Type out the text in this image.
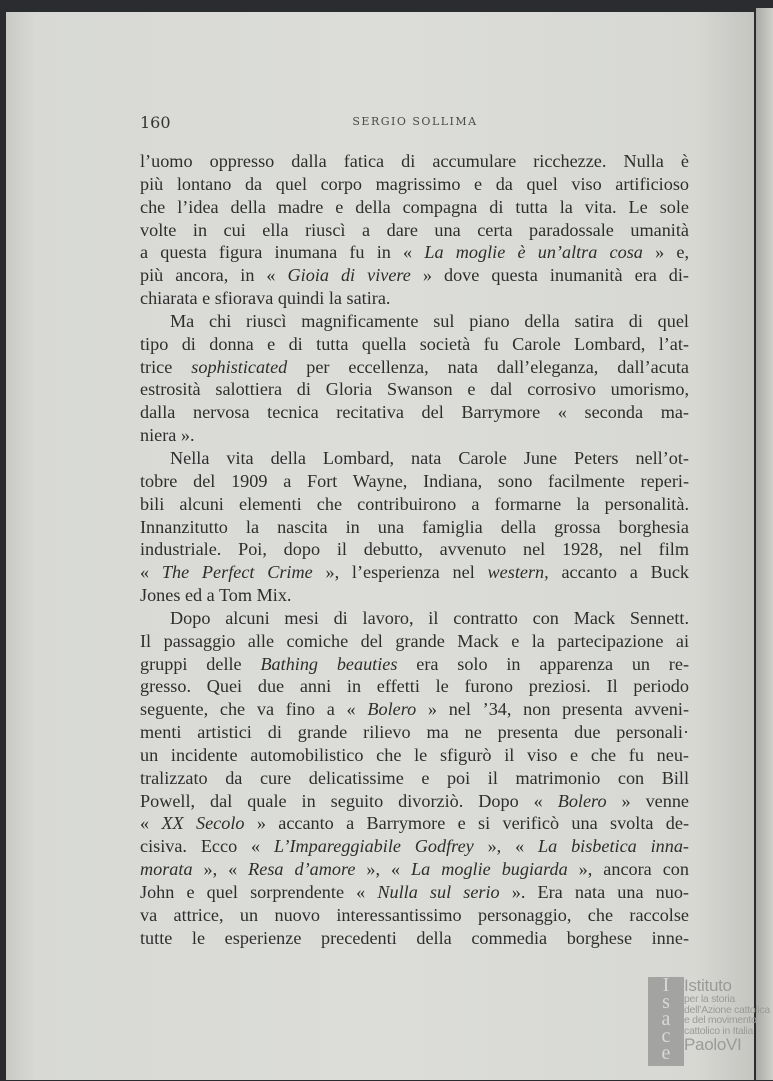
160	SERGIO SOLLIMA
l’uomo oppresso dalla fatica di accumulare ricchezze. Nulla è
più lontano da quel corpo magrissimo e da quel viso artificioso
che l’idea della madre e della compagna di tutta la vita. Le sole
volte in cui ella riuscì a dare una certa paradossale umanità
a questa figura inumana fu in « La moglie è un’altra cosa » e,
più ancora, in « Gioia di vivere » dove questa inumanità era di-
chiarata e sfiorava quindi la satira.
Ma chi riuscì magnificamente sul piano della satira di quel
tipo di donna e di tutta quella società fu Carole Lombard, l’at-
trice sophisticated per eccellenza, nata dall’eleganza, dall’acuta
estrosità salottiera di Gloria Swanson e dal corrosivo umorismo,
dalla nervosa tecnica recitativa del Barrymore « seconda ma-
niera ».
Nella vita della Lombard, nata Carole June Peters nell’ot-
tobre del 1909 a Fort Wayne, Indiana, sono facilmente reperi-
bili alcuni elementi che contribuirono a formarne la personalità.
Innanzitutto la nascita in una famiglia della grossa borghesia
industriale. Poi, dopo il debutto, avvenuto nel 1928, nel film
« The Perfect Crime », l’esperienza nel western, accanto a Buck
Jones ed a Tom Mix.
Dopo alcuni mesi di lavoro, il contratto con Mack Sennett.
Il passaggio alle comiche del grande Mack e la partecipazione ai
gruppi delle Bathing beauties era solo in apparenza un re-
gresso. Quei due anni in effetti le furono preziosi. Il periodo
seguente, che va fino a « Bolero » nel ’34, non presenta avveni-
menti artistici di grande rilievo ma ne presenta due personali·
un incidente automobilistico che le sfigurò il viso e che fu neu-
tralizzato da cure delicatissime e poi il matrimonio con Bill
Powell, dal quale in seguito divorziò. Dopo « Bolero » venne
« XX Secolo » accanto a Barrymore e si verificò una svolta de-
cisiva. Ecco « L’Impareggiabile Godfrey », « La bisbetica inna-
morata », « Resa d’amore », « La moglie bugiarda », ancora con
John e quel sorprendente « Nulla sul serio ». Era nata una nuo-
va attrice, un nuovo interessantissimo personaggio, che raccolse
tutte le esperienze precedenti della commedia borghese inne-
I
s
a
c
e
m
Istituto
per la storia
dell’Azione cattolica
e del movimento
cattolico in Italia
PaoloVI
